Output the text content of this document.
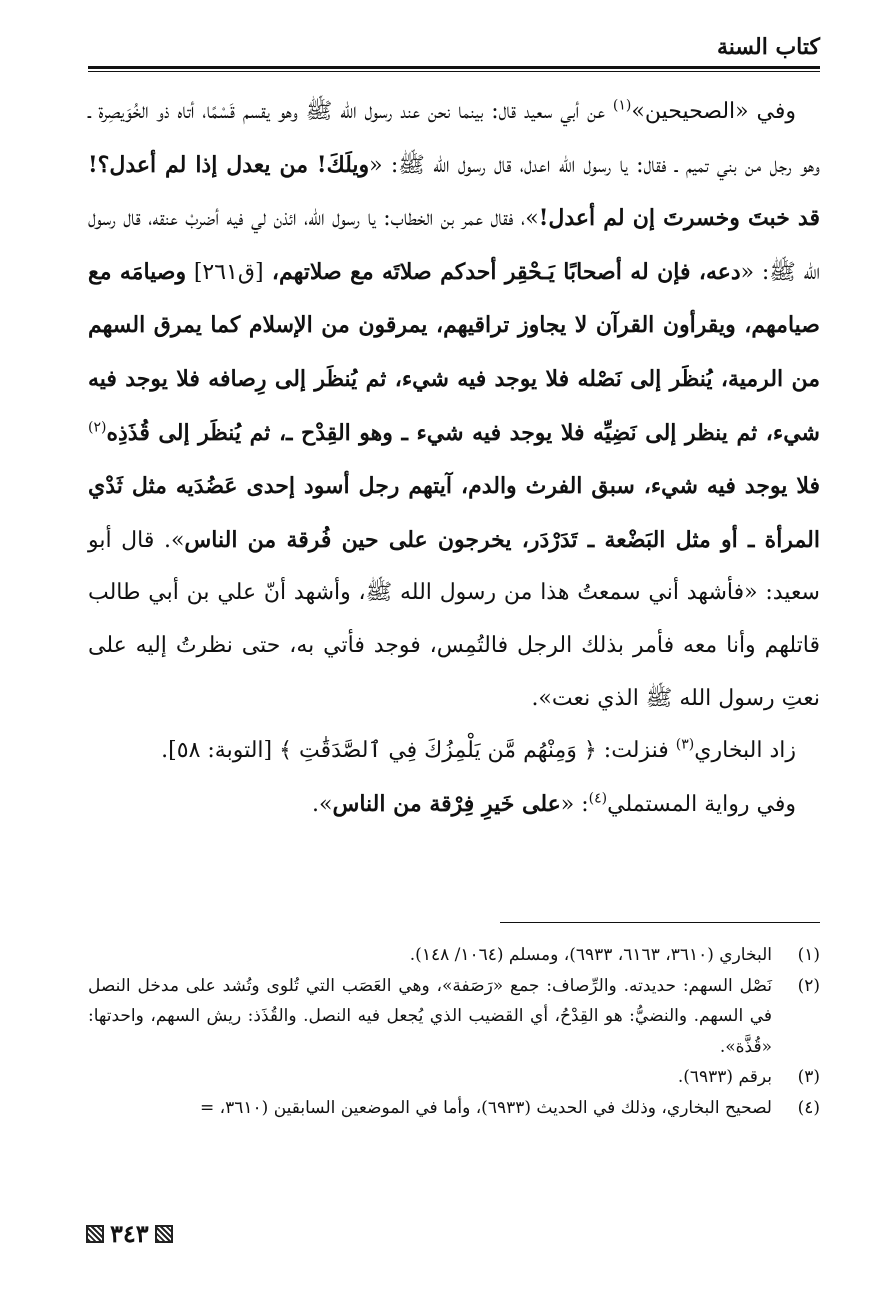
كتاب السنة

وفي «الصحيحين»$^{(١)}$ عن أبي سعيد قال: بينما نحن عند رسول الله ﷺ وهو يقسم قَسْمًا، أتاه ذو الخُوَيصِرة ـ وهو رجل من بني تميم ـ فقال: يا رسول الله اعدل، قال رسول الله ﷺ: «ويلَكَ! من يعدل إذا لم أعدل؟! قد خبتَ وخسرتَ إن لم أعدل!»، فقال عمر بن الخطاب: يا رسول الله، ائذن لي فيه أضربْ عنقه، قال رسول الله ﷺ: «دعه، فإن له أصحابًا يَـحْقِر أحدكم صلاتَه مع صلاتهم، [ق٢٦١] وصيامَه مع صيامهم، ويقرأون القرآن لا يجاوز تراقيهم، يمرقون من الإسلام كما يمرق السهم من الرمية، يُنظَر إلى نَصْله فلا يوجد فيه شيء، ثم يُنظَر إلى رِصافه فلا يوجد فيه شيء، ثم ينظر إلى نَضِيِّه فلا يوجد فيه شيء ـ وهو القِدْح ـ، ثم يُنظَر إلى قُذَذِه$^{(٢)}$ فلا يوجد فيه شيء، سبق الفرث والدم، آيتهم رجل أسود إحدى عَضُدَيه مثل ثَدْي المرأة ـ أو مثل البَضْعة ـ تَدَرْدَر، يخرجون على حين فُرقة من الناس». قال أبو سعيد: «فأشهد أني سمعتُ هذا من رسول الله ﷺ، وأشهد أنّ علي بن أبي طالب قاتلهم وأنا معه فأمر بذلك الرجل فالتُمِس، فوجد فأتي به، حتى نظرتُ إليه على نعتِ رسول الله ﷺ الذي نعت».

زاد البخاري$^{(٣)}$ فنزلت: ﴿ وَمِنْهُم مَّن يَلْمِزُكَ فِي ٱلصَّدَقَٰتِ ﴾ [التوبة: ٥٨].

وفي رواية المستملي$^{(٤)}$: «على خَيرِ فِرْقة من الناس».

(١)
البخاري (٣٦١٠، ٦١٦٣، ٦٩٣٣)، ومسلم (١٠٦٤/ ١٤٨).
(٢)
نَصْل السهم: حديدته. والرِّصاف: جمع «رَصَفة»، وهي العَصَب التي تُلوى وتُشد على مدخل النصل في السهم. والنضيُّ: هو القِدْحُ، أي القضيب الذي يُجعل فيه النصل. والقُذَذ: ريش السهم، واحدتها: «قُذَّة».
(٣)
برقم (٦٩٣٣).
(٤)
لصحيح البخاري، وذلك في الحديث (٦٩٣٣)، وأما في الموضعين السابقين (٣٦١٠، =
٣٤٣
